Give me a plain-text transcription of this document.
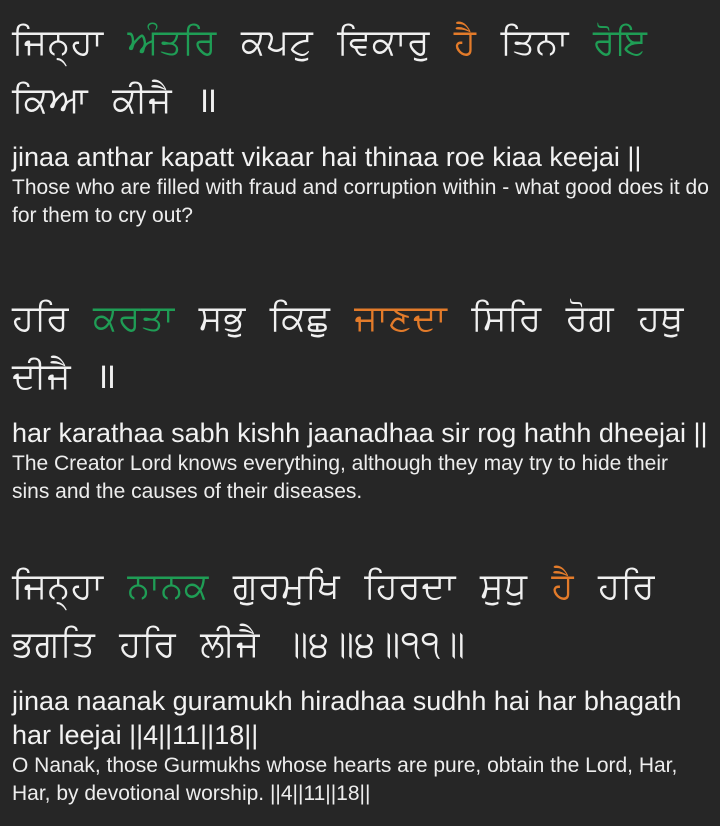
ਜਿਨ੍ਹਾ ਅੰਤਰਿ ਕਪਟੁ ਵਿਕਾਰੁ ਹੈ ਤਿਨਾ ਰੋਇ ਕਿਆ ਕੀਜੈ ॥

jinaa anthar kapatt vikaar hai thinaa roe kiaa keejai ||

Those who are filled with fraud and corruption within - what good does it do for them to cry out?

ਹਰਿ ਕਰਤਾ ਸਭੁ ਕਿਛੁ ਜਾਣਦਾ ਸਿਰਿ ਰੋਗ ਹਥੁ ਦੀਜੈ ॥

har karathaa sabh kishh jaanadhaa sir rog hathh dheejai ||

The Creator Lord knows everything, although they may try to hide their sins and the causes of their diseases.

ਜਿਨ੍ਹਾ ਨਾਨਕ ਗੁਰਮੁਖਿ ਹਿਰਦਾ ਸੁਧੁ ਹੈ ਹਰਿ ਭਗਤਿ ਹਰਿ ਲੀਜੈ ॥੪॥੪॥੧੧॥

jinaa naanak guramukh hiradhaa sudhh hai har bhagath har leejai ||4||11||18||

O Nanak, those Gurmukhs whose hearts are pure, obtain the Lord, Har, Har, by devotional worship. ||4||11||18||
